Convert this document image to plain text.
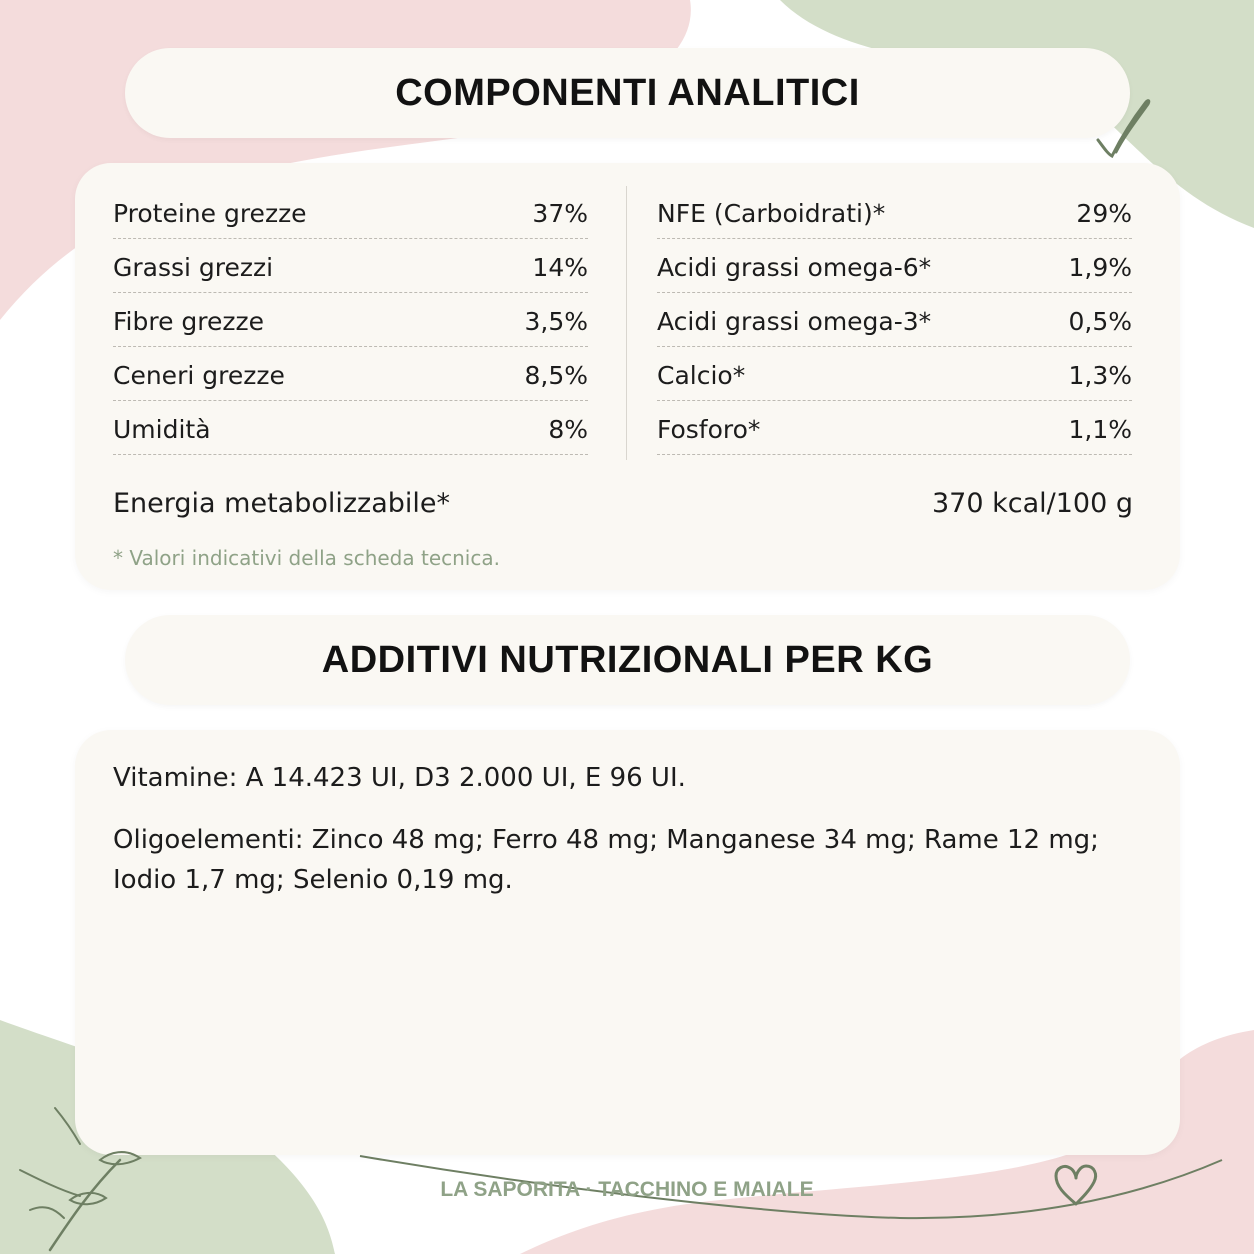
COMPONENTI ANALITICI
Proteine grezze	37%
Grassi grezzi	14%
Fibre grezze	3,5%
Ceneri grezze	8,5%
Umidità	8%
NFE (Carboidrati)*	29%
Acidi grassi omega-6*	1,9%
Acidi grassi omega-3*	0,5%
Calcio*	1,3%
Fosforo*	1,1%
Energia metabolizzabile*	370 kcal/100 g
* Valori indicativi della scheda tecnica.
ADDITIVI NUTRIZIONALI PER KG

Vitamine: A 14.423 UI, D3 2.000 UI, E 96 UI.

Oligoelementi: Zinco 48 mg; Ferro 48 mg; Manganese 34 mg; Rame 12 mg; Iodio 1,7 mg; Selenio 0,19 mg.

LA SAPORITA · TACCHINO E MAIALE
